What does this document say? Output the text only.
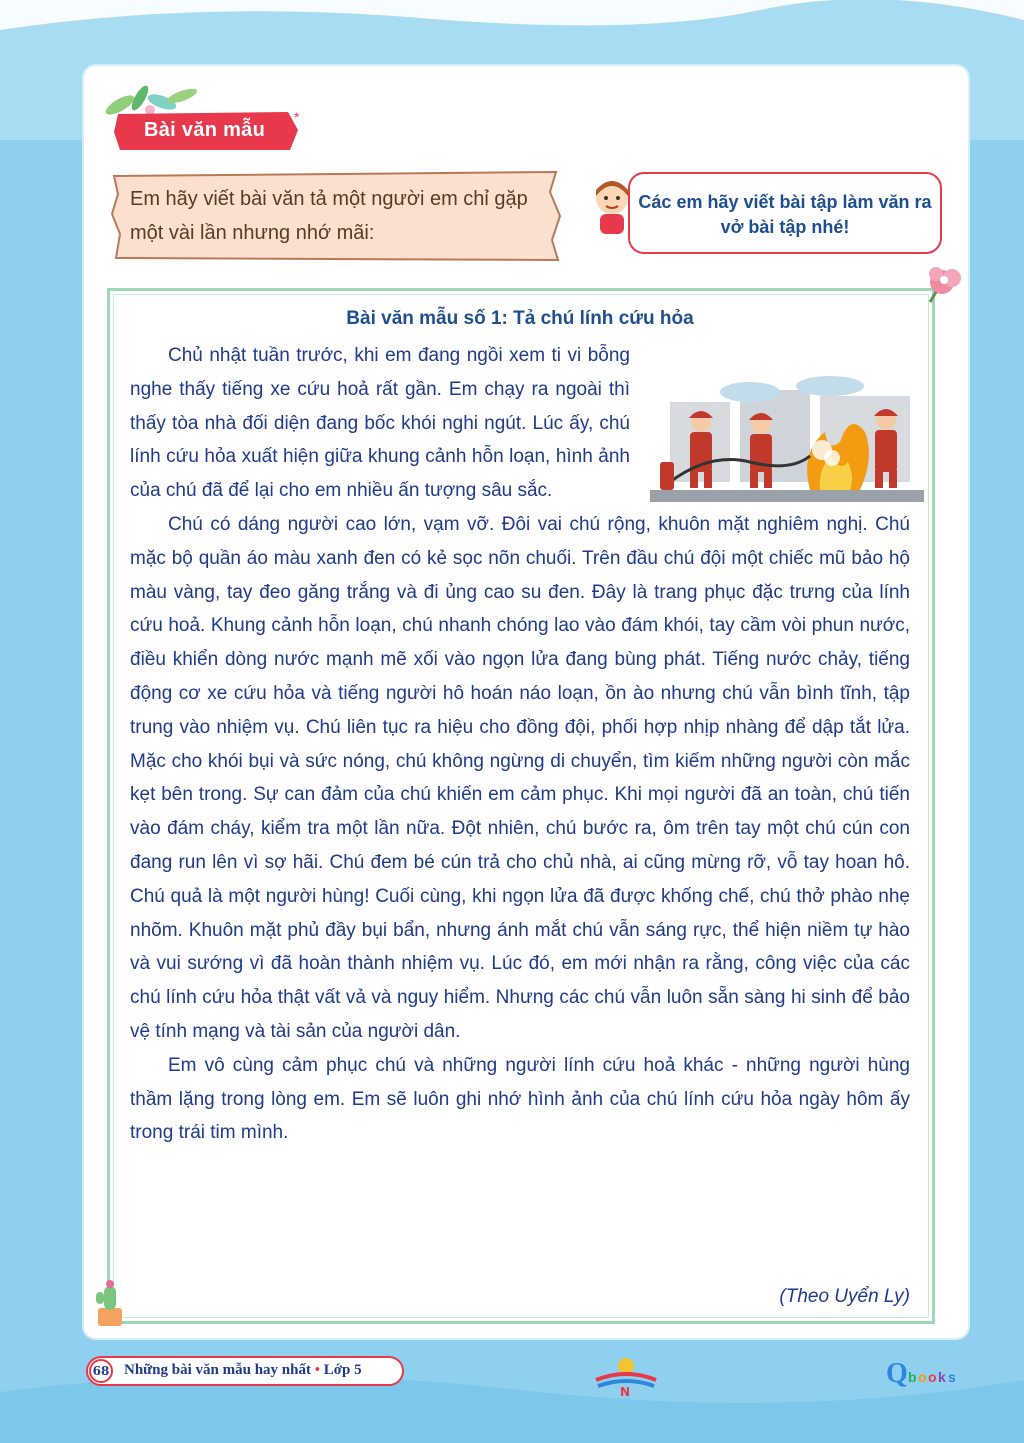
*
Bài văn mẫu
Em hãy viết bài văn tả một người em chỉ gặp một vài lần nhưng nhớ mãi:
Các em hãy viết bài tập làm văn ra vở bài tập nhé!
Bài văn mẫu số 1: Tả chú lính cứu hỏa

Chủ nhật tuần trước, khi em đang ngồi xem ti vi bỗng nghe thấy tiếng xe cứu hoả rất gần. Em chạy ra ngoài thì thấy tòa nhà đối diện đang bốc khói nghi ngút. Lúc ấy, chú lính cứu hỏa xuất hiện giữa khung cảnh hỗn loạn, hình ảnh của chú đã để lại cho em nhiều ấn tượng sâu sắc.

Chú có dáng người cao lớn, vạm vỡ. Đôi vai chú rộng, khuôn mặt nghiêm nghị. Chú mặc bộ quần áo màu xanh đen có kẻ sọc nõn chuối. Trên đầu chú đội một chiếc mũ bảo hộ màu vàng, tay đeo găng trắng và đi ủng cao su đen. Đây là trang phục đặc trưng của lính cứu hoả. Khung cảnh hỗn loạn, chú nhanh chóng lao vào đám khói, tay cầm vòi phun nước, điều khiển dòng nước mạnh mẽ xối vào ngọn lửa đang bùng phát. Tiếng nước chảy, tiếng động cơ xe cứu hỏa và tiếng người hô hoán náo loạn, ồn ào nhưng chú vẫn bình tĩnh, tập trung vào nhiệm vụ. Chú liên tục ra hiệu cho đồng đội, phối hợp nhịp nhàng để dập tắt lửa. Mặc cho khói bụi và sức nóng, chú không ngừng di chuyển, tìm kiếm những người còn mắc kẹt bên trong. Sự can đảm của chú khiến em cảm phục. Khi mọi người đã an toàn, chú tiến vào đám cháy, kiểm tra một lần nữa. Đột nhiên, chú bước ra, ôm trên tay một chú cún con đang run lên vì sợ hãi. Chú đem bé cún trả cho chủ nhà, ai cũng mừng rỡ, vỗ tay hoan hô. Chú quả là một người hùng! Cuối cùng, khi ngọn lửa đã được khống chế, chú thở phào nhẹ nhõm. Khuôn mặt phủ đầy bụi bẩn, nhưng ánh mắt chú vẫn sáng rực, thể hiện niềm tự hào và vui sướng vì đã hoàn thành nhiệm vụ. Lúc đó, em mới nhận ra rằng, công việc của các chú lính cứu hỏa thật vất vả và nguy hiểm. Nhưng các chú vẫn luôn sẵn sàng hi sinh để bảo vệ tính mạng và tài sản của người dân.

Em vô cùng cảm phục chú và những người lính cứu hoả khác - những người hùng thầm lặng trong lòng em. Em sẽ luôn ghi nhớ hình ảnh của chú lính cứu hỏa ngày hôm ấy trong trái tim mình.

(Theo Uyển Ly)
68 Những bài văn mẫu hay nhất • Lớp 5
N
Q b o o k s
